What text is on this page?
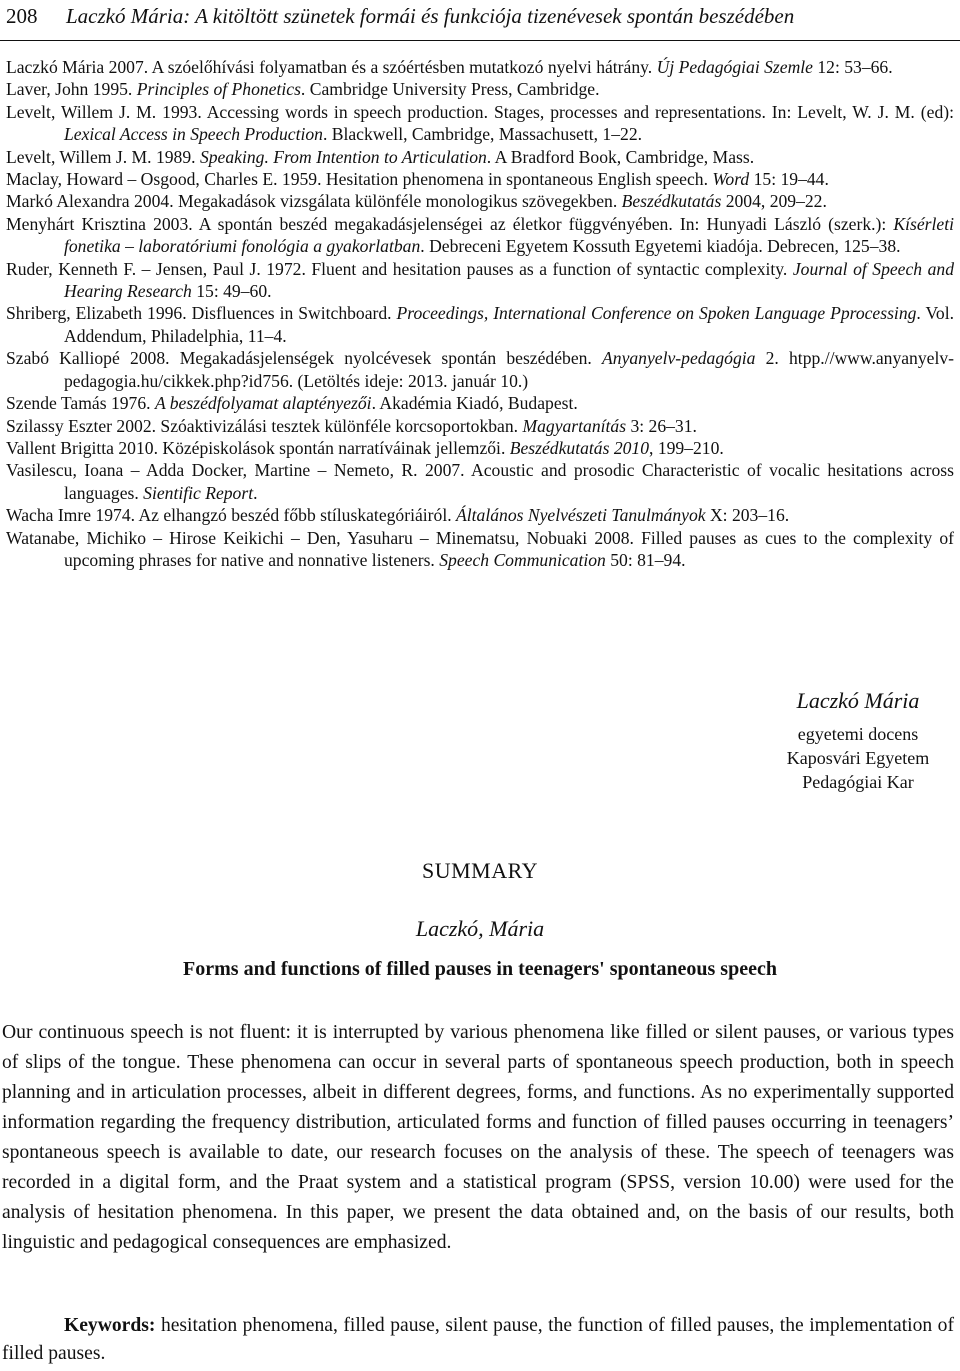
208 Laczkó Mária: A kitöltött szünetek formái és funkciója tizenévesek spontán beszédében
Laczkó Mária 2007. A szóelőhívási folyamatban és a szóértésben mutatkozó nyelvi hátrány. Új Pedagógiai Szemle 12: 53–66.
Laver, John 1995. Principles of Phonetics. Cambridge University Press, Cambridge.
Levelt, Willem J. M. 1993. Accessing words in speech production. Stages, processes and representations. In: Levelt, W. J. M. (ed): Lexical Access in Speech Production. Blackwell, Cambridge, Massachusett, 1–22.
Levelt, Willem J. M. 1989. Speaking. From Intention to Articulation. A Bradford Book, Cambridge, Mass.
Maclay, Howard – Osgood, Charles E. 1959. Hesitation phenomena in spontaneous English speech. Word 15: 19–44.
Markó Alexandra 2004. Megakadások vizsgálata különféle monologikus szövegekben. Beszédkutatás 2004, 209–22.
Menyhárt Krisztina 2003. A spontán beszéd megakadásjelenségei az életkor függvényében. In: Hunyadi László (szerk.): Kísérleti fonetika – laboratóriumi fonológia a gyakorlatban. Debreceni Egyetem Kossuth Egyetemi kiadója. Debrecen, 125–38.
Ruder, Kenneth F. – Jensen, Paul J. 1972. Fluent and hesitation pauses as a function of syntactic complexity. Journal of Speech and Hearing Research 15: 49–60.
Shriberg, Elizabeth 1996. Disfluences in Switchboard. Proceedings, International Conference on Spoken Language Pprocessing. Vol. Addendum, Philadelphia, 11–4.
Szabó Kalliopé 2008. Megakadásjelenségek nyolcévesek spontán beszédében. Anyanyelv-pedagógia 2. htpp.//www.anyanyelv-pedagogia.hu/cikkek.php?id756. (Letöltés ideje: 2013. január 10.)
Szende Tamás 1976. A beszédfolyamat alaptényezői. Akadémia Kiadó, Budapest.
Szilassy Eszter 2002. Szóaktivizálási tesztek különféle korcsoportokban. Magyartanítás 3: 26–31.
Vallent Brigitta 2010. Középiskolások spontán narratíváinak jellemzői. Beszédkutatás 2010, 199–210.
Vasilescu, Ioana – Adda Docker, Martine – Nemeto, R. 2007. Acoustic and prosodic Characteristic of vocalic hesitations across languages. Sientific Report.
Wacha Imre 1974. Az elhangzó beszéd főbb stíluskategóriáiról. Általános Nyelvészeti Tanulmányok X: 203–16.
Watanabe, Michiko – Hirose Keikichi – Den, Yasuharu – Minematsu, Nobuaki 2008. Filled pauses as cues to the complexity of upcoming phrases for native and nonnative listeners. Speech Communication 50: 81–94.
Laczkó Mária
egyetemi docens
Kaposvári Egyetem
Pedagógiai Kar
SUMMARY
Laczkó, Mária
Forms and functions of filled pauses in teenagers' spontaneous speech
Our continuous speech is not fluent: it is interrupted by various phenomena like filled or silent pauses, or various types of slips of the tongue. These phenomena can occur in several parts of spontaneous speech production, both in speech planning and in articulation processes, albeit in different degrees, forms, and functions. As no experimentally supported information regarding the frequency distribution, articulated forms and function of filled pauses occurring in teenagers’ spontaneous speech is available to date, our research focuses on the analysis of these. The speech of teenagers was recorded in a digital form, and the Praat system and a statistical program (SPSS, version 10.00) were used for the analysis of hesitation phenomena. In this paper, we present the data obtained and, on the basis of our results, both linguistic and pedagogical consequences are emphasized.
Keywords: hesitation phenomena, filled pause, silent pause, the function of filled pauses, the implementation of filled pauses.
